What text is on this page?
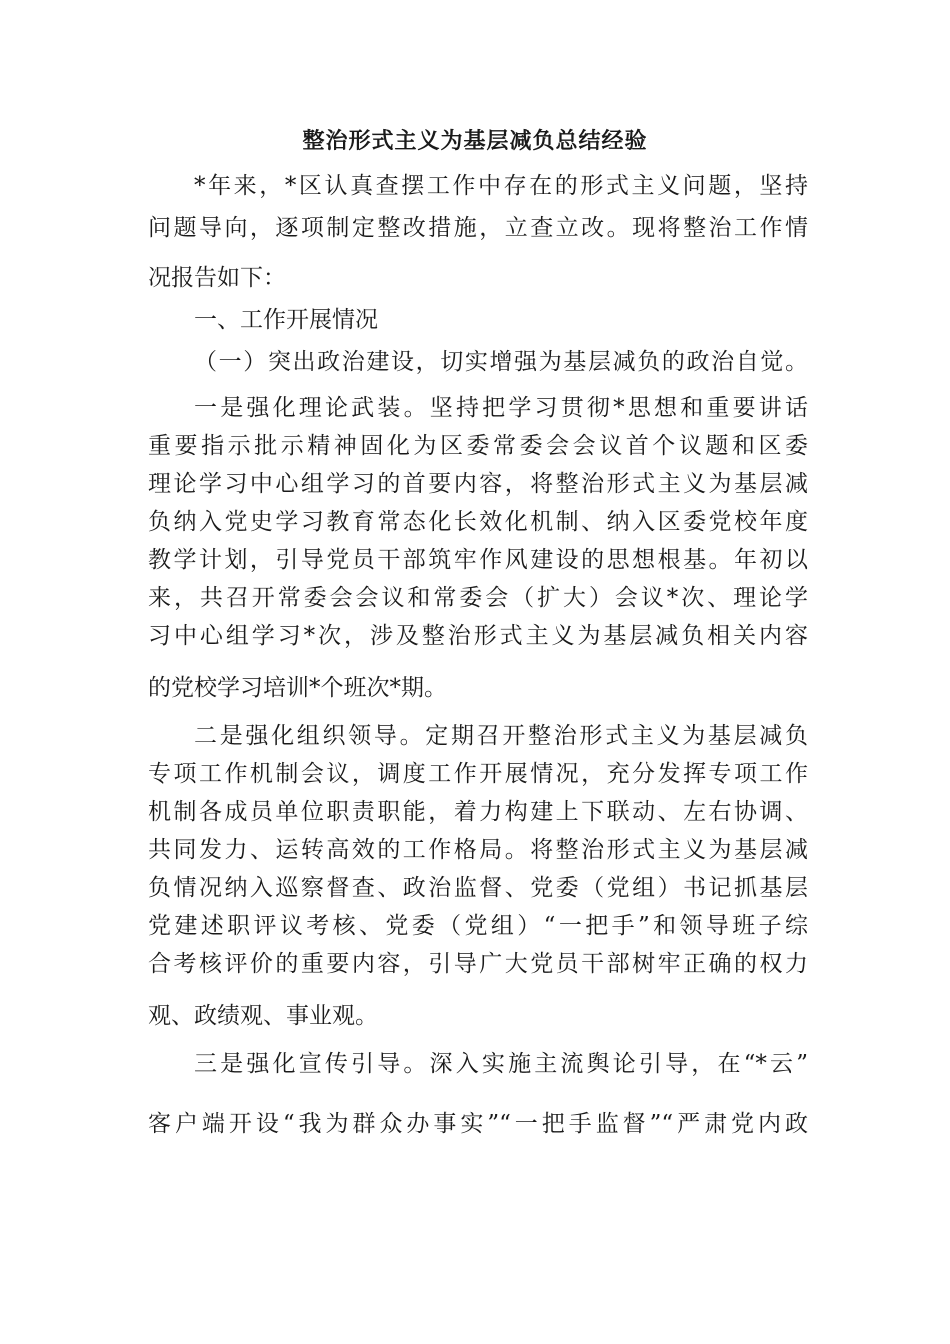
整治形式主义为基层减负总结经验

*年来，*区认真查摆工作中存在的形式主义问题，坚持

问题导向，逐项制定整改措施，立查立改。现将整治工作情

况报告如下：

一、工作开展情况

（一）突出政治建设，切实增强为基层减负的政治自觉。

一是强化理论武装。坚持把学习贯彻*思想和重要讲话

重要指示批示精神固化为区委常委会会议首个议题和区委

理论学习中心组学习的首要内容，将整治形式主义为基层减

负纳入党史学习教育常态化长效化机制、纳入区委党校年度

教学计划，引导党员干部筑牢作风建设的思想根基。年初以

来，共召开常委会会议和常委会（扩大）会议*次、理论学

习中心组学习*次，涉及整治形式主义为基层减负相关内容

的党校学习培训*个班次*期。

二是强化组织领导。定期召开整治形式主义为基层减负

专项工作机制会议，调度工作开展情况，充分发挥专项工作

机制各成员单位职责职能，着力构建上下联动、左右协调、

共同发力、运转高效的工作格局。将整治形式主义为基层减

负情况纳入巡察督查、政治监督、党委（党组）书记抓基层

党建述职评议考核、党委（党组）“一把手”和领导班子综

合考核评价的重要内容，引导广大党员干部树牢正确的权力

观、政绩观、事业观。

三是强化宣传引导。深入实施主流舆论引导，在“*云”

客户端开设“我为群众办事实”“一把手监督”“严肃党内政
